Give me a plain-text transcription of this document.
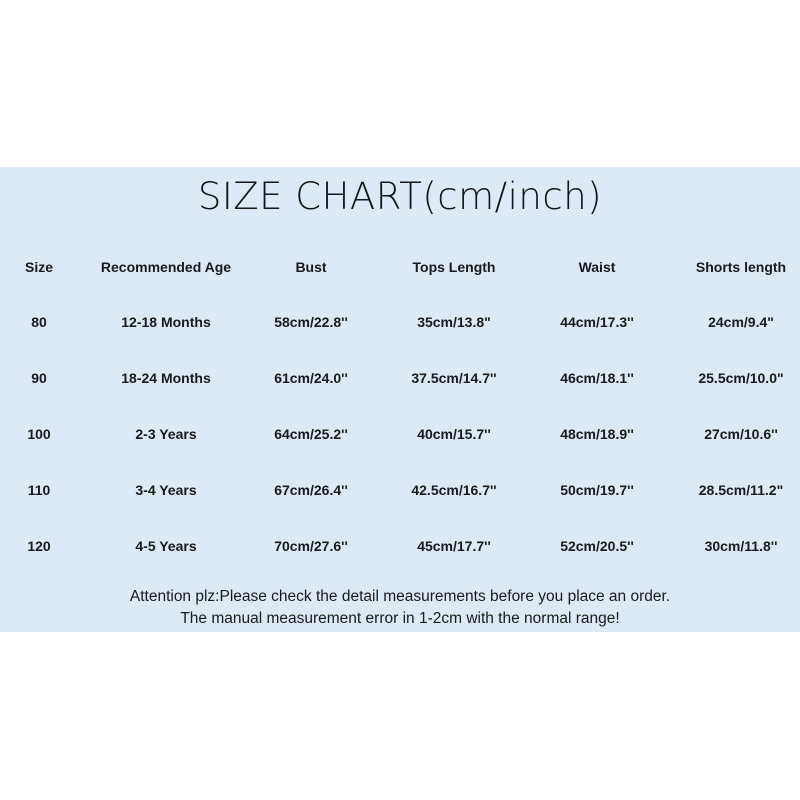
SIZE CHART(cm/inch)
Size	Recommended Age	Bust	Tops Length	Waist	Shorts length
80	12-18 Months	58cm/22.8''	35cm/13.8"	44cm/17.3''	24cm/9.4"
90	18-24 Months	61cm/24.0''	37.5cm/14.7''	46cm/18.1''	25.5cm/10.0"
100	2-3 Years	64cm/25.2''	40cm/15.7''	48cm/18.9''	27cm/10.6''
110	3-4 Years	67cm/26.4''	42.5cm/16.7''	50cm/19.7''	28.5cm/11.2"
120	4-5 Years	70cm/27.6''	45cm/17.7''	52cm/20.5''	30cm/11.8''
Attention plz:Please check the detail measurements before you place an order.
The manual measurement error in 1-2cm with the normal range!
